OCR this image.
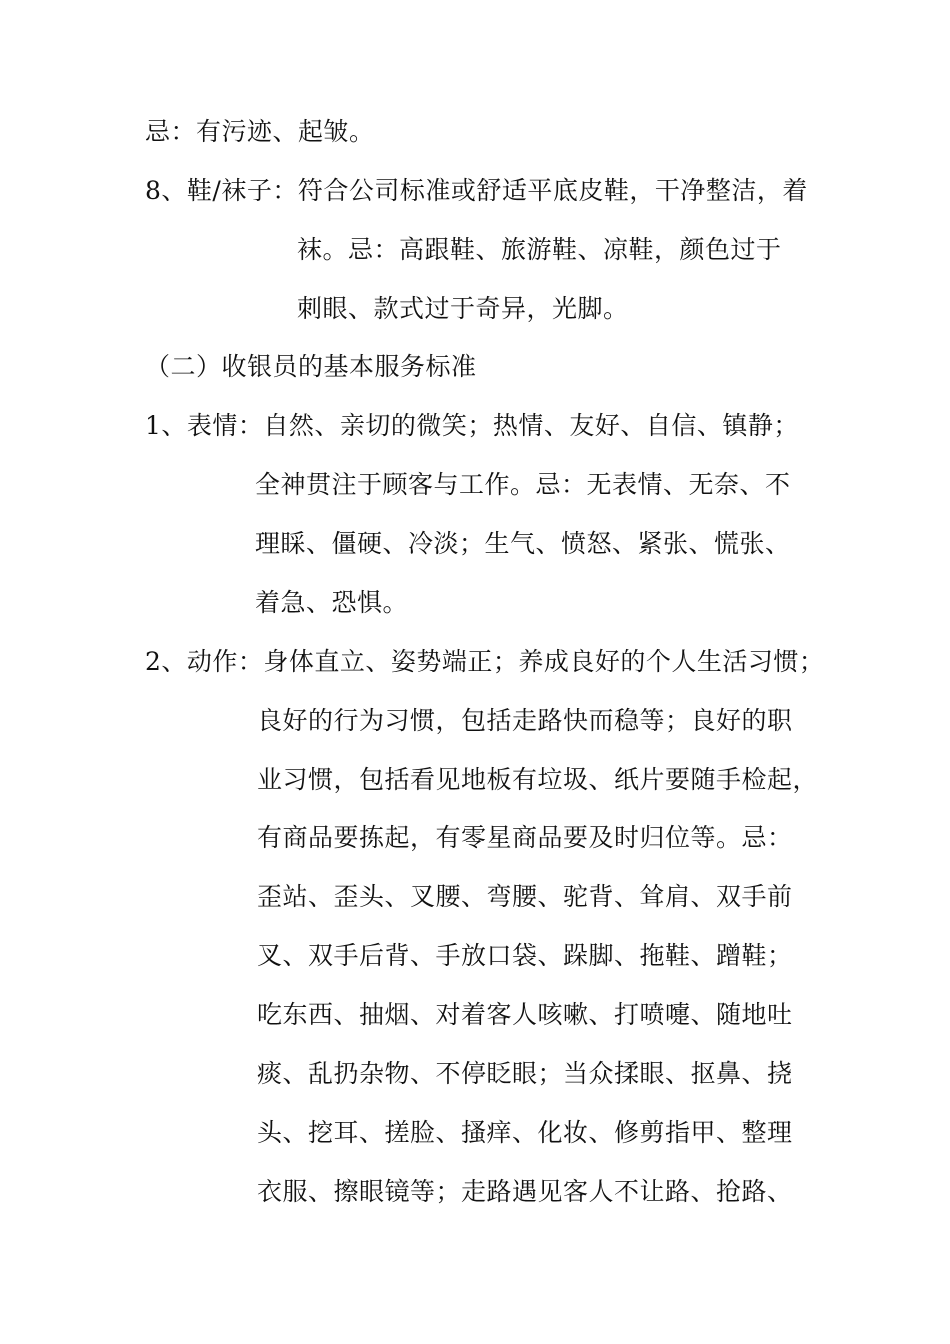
忌：有污迹、起皱。
8、鞋/袜子：符合公司标准或舒适平底皮鞋，干净整洁，着
袜。忌：高跟鞋、旅游鞋、凉鞋，颜色过于
刺眼、款式过于奇异，光脚。
（二）收银员的基本服务标准
1、表情：自然、亲切的微笑；热情、友好、自信、镇静；
全神贯注于顾客与工作。忌：无表情、无奈、不
理睬、僵硬、冷淡；生气、愤怒、紧张、慌张、
着急、恐惧。
2、动作：身体直立、姿势端正；养成良好的个人生活习惯；
良好的行为习惯，包括走路快而稳等；良好的职
业习惯，包括看见地板有垃圾、纸片要随手检起，
有商品要拣起，有零星商品要及时归位等。忌：
歪站、歪头、叉腰、弯腰、驼背、耸肩、双手前
叉、双手后背、手放口袋、跺脚、拖鞋、蹭鞋；
吃东西、抽烟、对着客人咳嗽、打喷嚏、随地吐
痰、乱扔杂物、不停眨眼；当众揉眼、抠鼻、挠
头、挖耳、搓脸、搔痒、化妆、修剪指甲、整理
衣服、擦眼镜等；走路遇见客人不让路、抢路、
